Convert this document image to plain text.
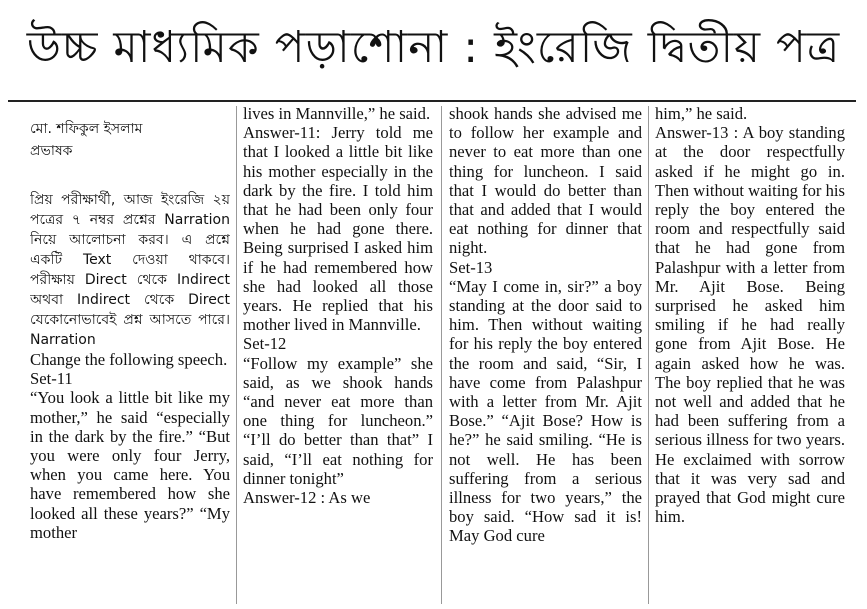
উচ্চ মাধ্যমিক পড়াশোনা : ইংরেজি দ্বিতীয় পত্র
মো. শফিকুল ইসলাম
প্রভাষক
প্রিয় পরীক্ষার্থী, আজ ইংরেজি ২য় পত্রের ৭ নম্বর প্রশ্নের Narration নিয়ে আলোচনা করব। এ প্রশ্নে একটি Text দেওয়া থাকবে। পরীক্ষায় Direct থেকে Indirect অথবা Indirect থেকে Direct যেকোনোভাবেই প্রশ্ন আসতে পারে। Narration
Change the following speech.
Set-11
“You look a little bit like my mother,” he said “especially in the dark by the fire.” “But you were only four Jerry, when you came here. You have remembered how she looked all these years?” “My mother
lives in Mannville,” he said.
Answer-11: Jerry told me that I looked a little bit like his mother especially in the dark by the fire. I told him that he had been only four when he had gone there. Being surprised I asked him if he had remembered how she had looked all those years. He replied that his mother lived in Mannville.
Set-12
“Follow my example” she said, as we shook hands “and never eat more than one thing for luncheon.” “I’ll do better than that” I said, “I’ll eat nothing for dinner tonight”
Answer-12 : As we
shook hands she advised me to follow her example and never to eat more than one thing for luncheon. I said that I would do better than that and added that I would eat nothing for dinner that night.
Set-13
“May I come in, sir?” a boy standing at the door said to him. Then without waiting for his reply the boy entered the room and said, “Sir, I have come from Palashpur with a letter from Mr. Ajit Bose.” “Ajit Bose? How is he?” he said smiling. “He is not well. He has been suffering from a serious illness for two years,” the boy said. “How sad it is! May God cure
him,” he said.
Answer-13 : A boy standing at the door respectfully asked if he might go in. Then without waiting for his reply the boy entered the room and respectfully said that he had gone from Palashpur with a letter from Mr. Ajit Bose. Being surprised he asked him smiling if he had really gone from Ajit Bose. He again asked how he was. The boy replied that he was not well and added that he had been suffering from a serious illness for two years. He exclaimed with sorrow that it was very sad and prayed that God might cure him.
